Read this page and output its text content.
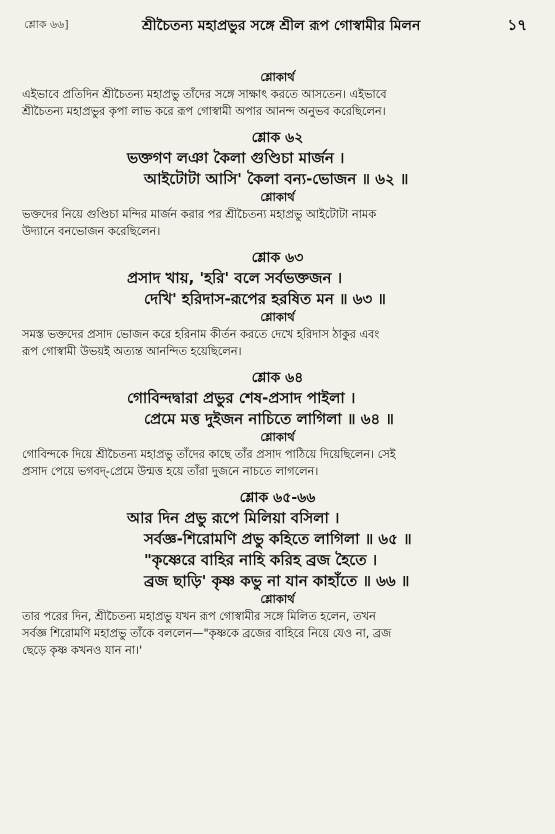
শ্লোক ৬৬]	শ্রীচৈতন্য মহাপ্রভুর সঙ্গে শ্রীল রূপ গোস্বামীর মিলন	১৭
শ্লোকার্থ
এইভাবে প্রতিদিন শ্রীচৈতন্য মহাপ্রভু তাঁদের সঙ্গে সাক্ষাৎ করতে আসতেন। এইভাবে
শ্রীচৈতন্য মহাপ্রভুর কৃপা লাভ করে রূপ গোস্বামী অপার আনন্দ অনুভব করেছিলেন।
শ্লোক ৬২
ভক্তগণ লঞা কৈলা গুণ্ডিচা মার্জন ।
আইটোটা আসি' কৈলা বন্য-ভোজন ॥ ৬২ ॥
শ্লোকার্থ
ভক্তদের নিয়ে গুণ্ডিচা মন্দির মার্জন করার পর শ্রীচৈতন্য মহাপ্রভু আইটোটা নামক
উদ্যানে বনভোজন করেছিলেন।
শ্লোক ৬৩
প্রসাদ খায়, 'হরি' বলে সর্বভক্তজন ।
দেখি' হরিদাস-রূপের হরষিত মন ॥ ৬৩ ॥
শ্লোকার্থ
সমস্ত ভক্তদের প্রসাদ ভোজন করে হরিনাম কীর্তন করতে দেখে হরিদাস ঠাকুর এবং
রূপ গোস্বামী উভয়ই অত্যন্ত আনন্দিত হয়েছিলেন।
শ্লোক ৬৪
গোবিন্দদ্বারা প্রভুর শেষ-প্রসাদ পাইলা ।
প্রেমে মত্ত দুইজন নাচিতে লাগিলা ॥ ৬৪ ॥
শ্লোকার্থ
গোবিন্দকে দিয়ে শ্রীচৈতন্য মহাপ্রভু তাঁদের কাছে তাঁর প্রসাদ পাঠিয়ে দিয়েছিলেন। সেই
প্রসাদ পেয়ে ভগবদ্-প্রেমে উন্মত্ত হয়ে তাঁরা দুজনে নাচতে লাগলেন।
শ্লোক ৬৫-৬৬
আর দিন প্রভু রূপে মিলিয়া বসিলা ।
সর্বজ্ঞ-শিরোমণি প্রভু কহিতে লাগিলা ॥ ৬৫ ॥
"কৃষ্ণেরে বাহির নাহি করিহ ব্রজ হৈতে ।
ব্রজ ছাড়ি' কৃষ্ণ কভু না যান কাহাঁতে ॥ ৬৬ ॥
শ্লোকার্থ
তার পরের দিন, শ্রীচৈতন্য মহাপ্রভু যখন রূপ গোস্বামীর সঙ্গে মিলিত হলেন, তখন
সর্বজ্ঞ শিরোমণি মহাপ্রভু তাঁকে বললেন—"কৃষ্ণকে ব্রজের বাহিরে নিয়ে যেও না, ব্রজ
ছেড়ে কৃষ্ণ কখনও যান না।'
